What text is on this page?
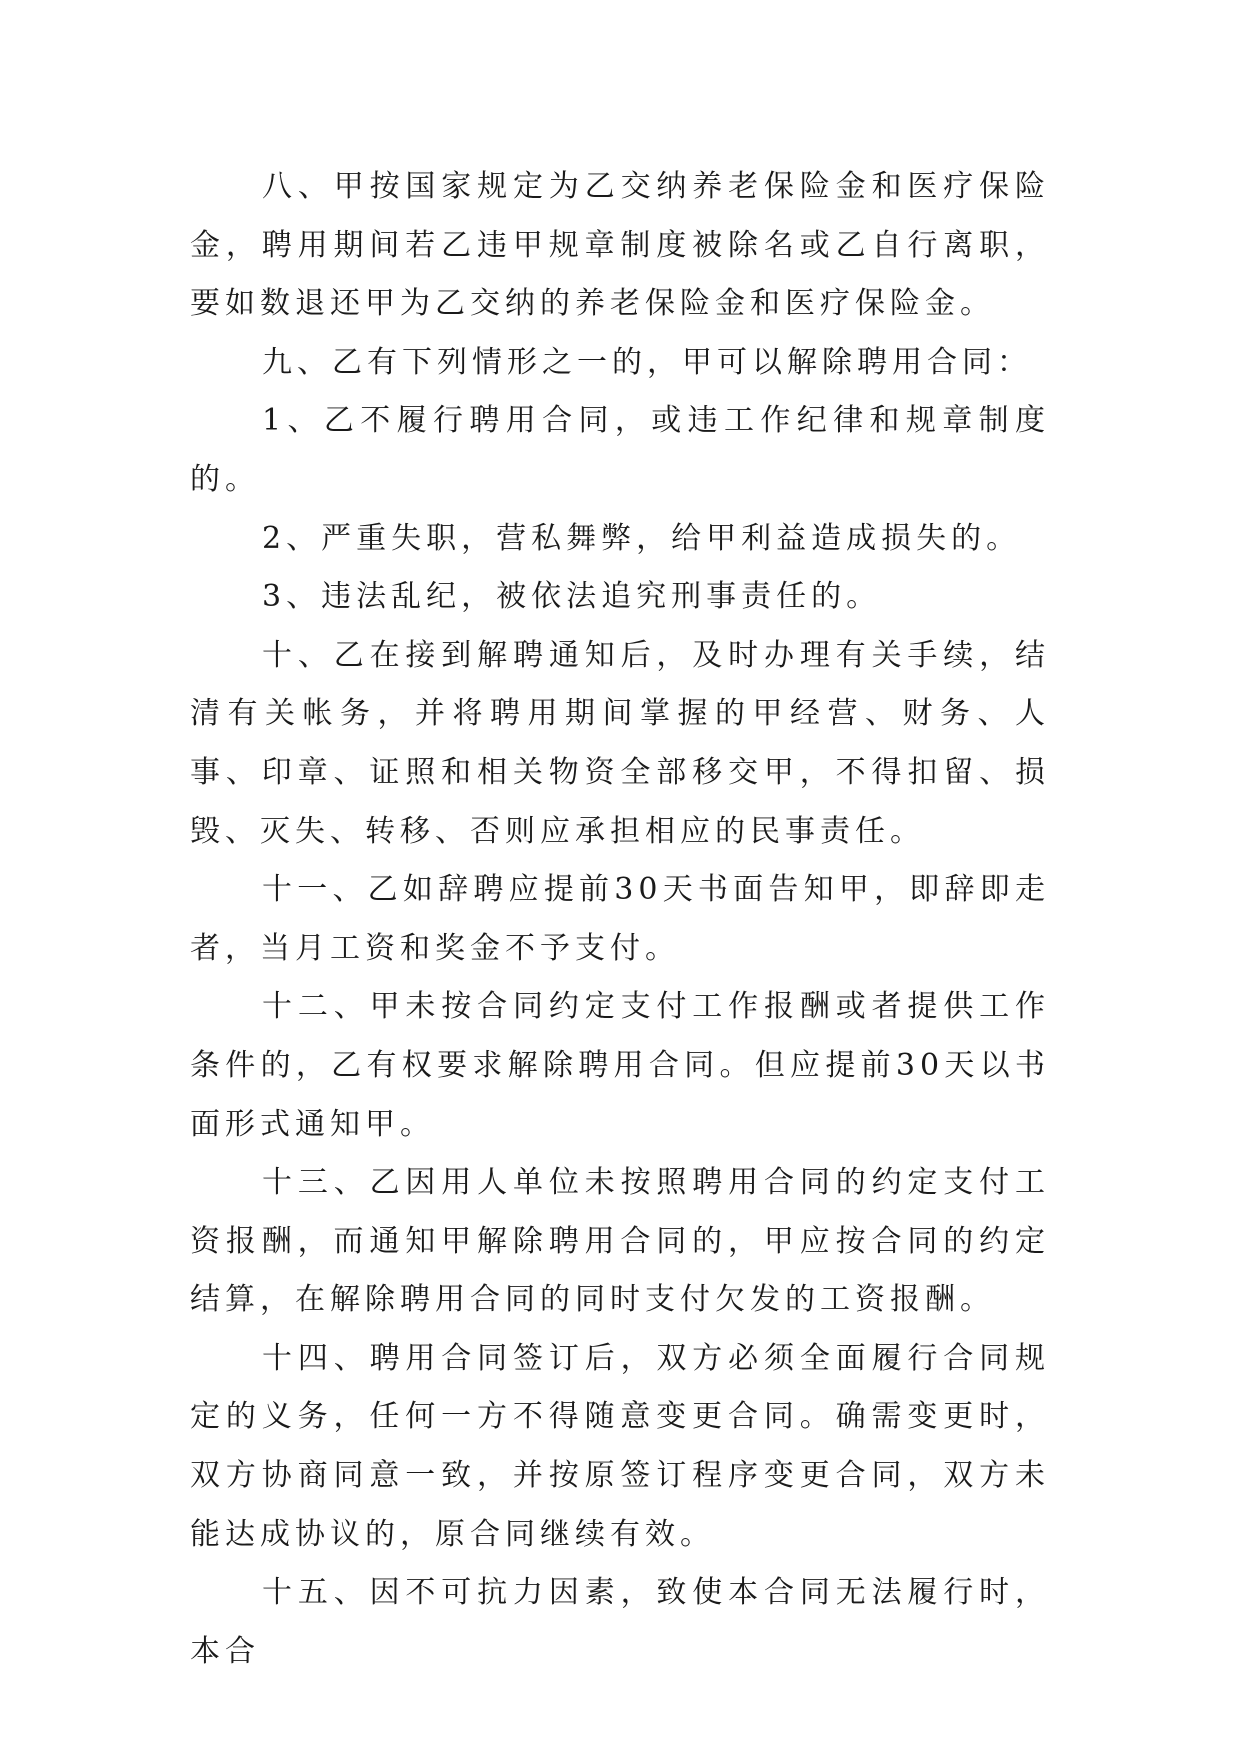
八、甲按国家规定为乙交纳养老保险金和医疗保险金，聘用期间若乙违甲规章制度被除名或乙自行离职，要如数退还甲为乙交纳的养老保险金和医疗保险金。

九、乙有下列情形之一的，甲可以解除聘用合同：

1、乙不履行聘用合同，或违工作纪律和规章制度的。

2、严重失职，营私舞弊，给甲利益造成损失的。

3、违法乱纪，被依法追究刑事责任的。

十、乙在接到解聘通知后，及时办理有关手续，结清有关帐务，并将聘用期间掌握的甲经营、财务、人事、印章、证照和相关物资全部移交甲，不得扣留、损毁、灭失、转移、否则应承担相应的民事责任。

十一、乙如辞聘应提前30天书面告知甲，即辞即走者，当月工资和奖金不予支付。

十二、甲未按合同约定支付工作报酬或者提供工作条件的，乙有权要求解除聘用合同。但应提前30天以书面形式通知甲。

十三、乙因用人单位未按照聘用合同的约定支付工资报酬，而通知甲解除聘用合同的，甲应按合同的约定结算，在解除聘用合同的同时支付欠发的工资报酬。

十四、聘用合同签订后，双方必须全面履行合同规定的义务，任何一方不得随意变更合同。确需变更时，双方协商同意一致，并按原签订程序变更合同，双方未能达成协议的，原合同继续有效。

十五、因不可抗力因素，致使本合同无法履行时，本合
